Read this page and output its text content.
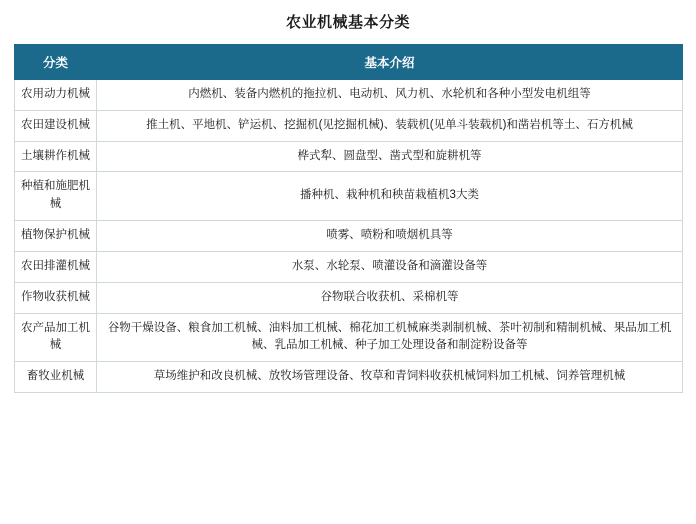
农业机械基本分类
分类	基本介绍
农用动力机械	内燃机、装备内燃机的拖拉机、电动机、风力机、水轮机和各种小型发电机组等
农田建设机械	推土机、平地机、铲运机、挖掘机(见挖掘机械)、装载机(见单斗装载机)和凿岩机等土、石方机械
土壤耕作机械	桦式犁、圆盘型、凿式型和旋耕机等
种植和施肥机械	播种机、栽种机和秧苗栽植机3大类
植物保护机械	喷雾、喷粉和喷烟机具等
农田排灌机械	水泵、水轮泵、喷灌设备和滴灌设备等
作物收获机械	谷物联合收获机、采棉机等
农产品加工机械	谷物干燥设备、粮食加工机械、油料加工机械、棉花加工机械麻类剥制机械、茶叶初制和精制机械、果品加工机械、乳品加工机械、种子加工处理设备和制淀粉设备等
畜牧业机械	草场维护和改良机械、放牧场管理设备、牧草和青饲料收获机械饲料加工机械、饲养管理机械
